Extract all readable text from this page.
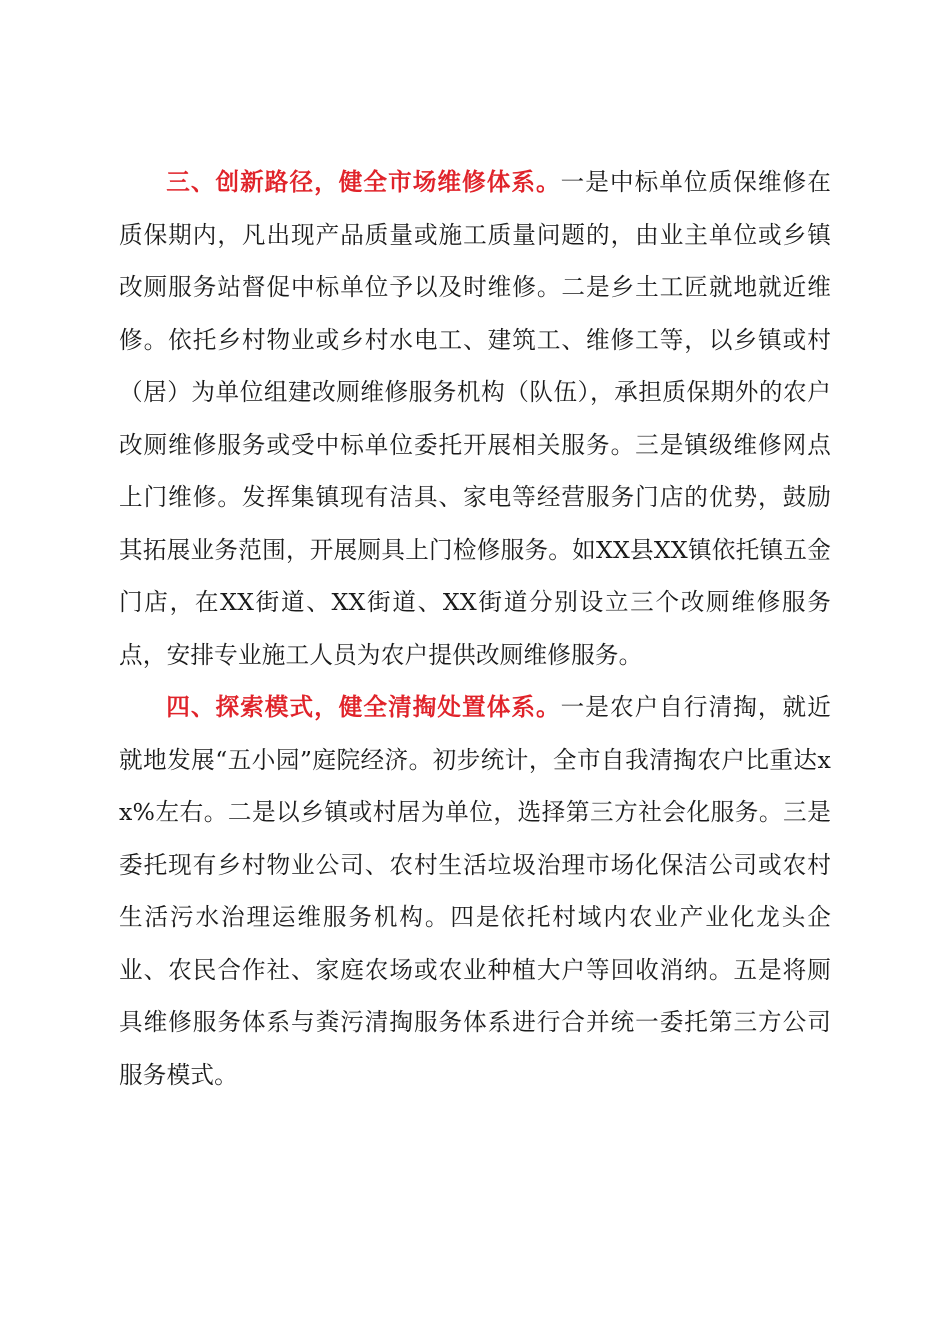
三、创新路径，健全市场维修体系。一是中标单位质保维修在质保期内，凡出现产品质量或施工质量问题的，由业主单位或乡镇改厕服务站督促中标单位予以及时维修。二是乡土工匠就地就近维修。依托乡村物业或乡村水电工、建筑工、维修工等，以乡镇或村（居）为单位组建改厕维修服务机构（队伍），承担质保期外的农户改厕维修服务或受中标单位委托开展相关服务。三是镇级维修网点上门维修。发挥集镇现有洁具、家电等经营服务门店的优势，鼓励其拓展业务范围，开展厕具上门检修服务。如XX县XX镇依托镇五金门店，在XX街道、XX街道、XX街道分别设立三个改厕维修服务点，安排专业施工人员为农户提供改厕维修服务。

四、探索模式，健全清掏处置体系。一是农户自行清掏，就近就地发展“五小园”庭院经济。初步统计，全市自我清掏农户比重达xx%左右。二是以乡镇或村居为单位，选择第三方社会化服务。三是委托现有乡村物业公司、农村生活垃圾治理市场化保洁公司或农村生活污水治理运维服务机构。四是依托村域内农业产业化龙头企业、农民合作社、家庭农场或农业种植大户等回收消纳。五是将厕具维修服务体系与粪污清掏服务体系进行合并统一委托第三方公司服务模式。
